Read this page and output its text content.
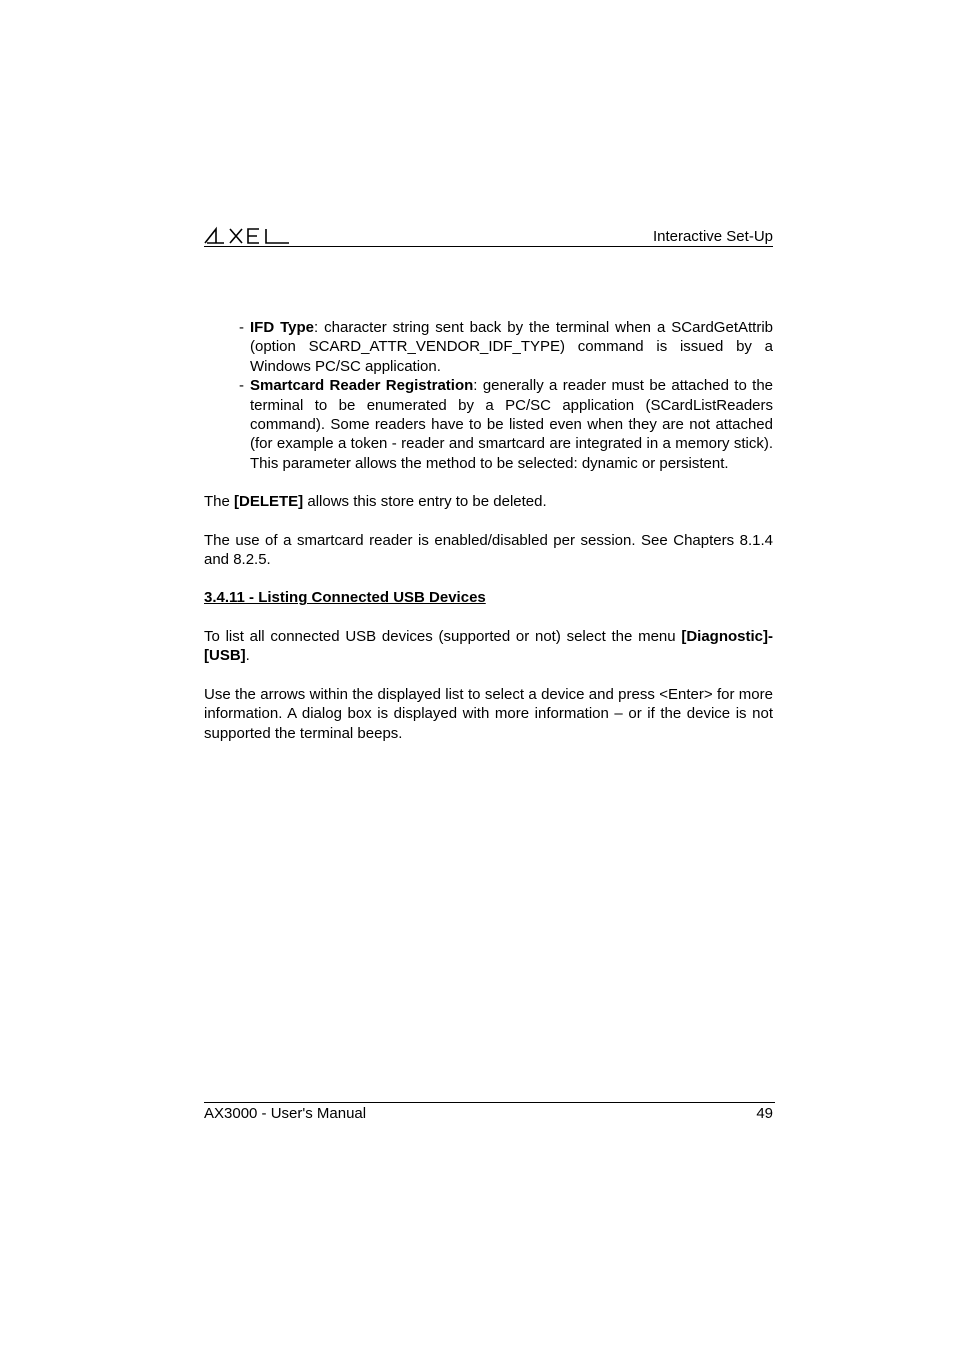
Interactive Set-Up
- IFD Type: character string sent back by the terminal when a SCardGetAttrib (option SCARD_ATTR_VENDOR_IDF_TYPE) command is issued by a Windows PC/SC application.
- Smartcard Reader Registration: generally a reader must be attached to the terminal to be enumerated by a PC/SC application (SCardListReaders command). Some readers have to be listed even when they are not attached (for example a token - reader and smartcard are integrated in a memory stick). This parameter allows the method to be selected: dynamic or persistent.

The [DELETE] allows this store entry to be deleted.

The use of a smartcard reader is enabled/disabled per session. See Chapters 8.1.4 and 8.2.5.

3.4.11 - Listing Connected USB Devices

To list all connected USB devices (supported or not) select the menu [Diagnostic]-[USB].

Use the arrows within the displayed list to select a device and press <Enter> for more information. A dialog box is displayed with more information – or if the device is not supported the terminal beeps.

AX3000 - User's Manual	49
